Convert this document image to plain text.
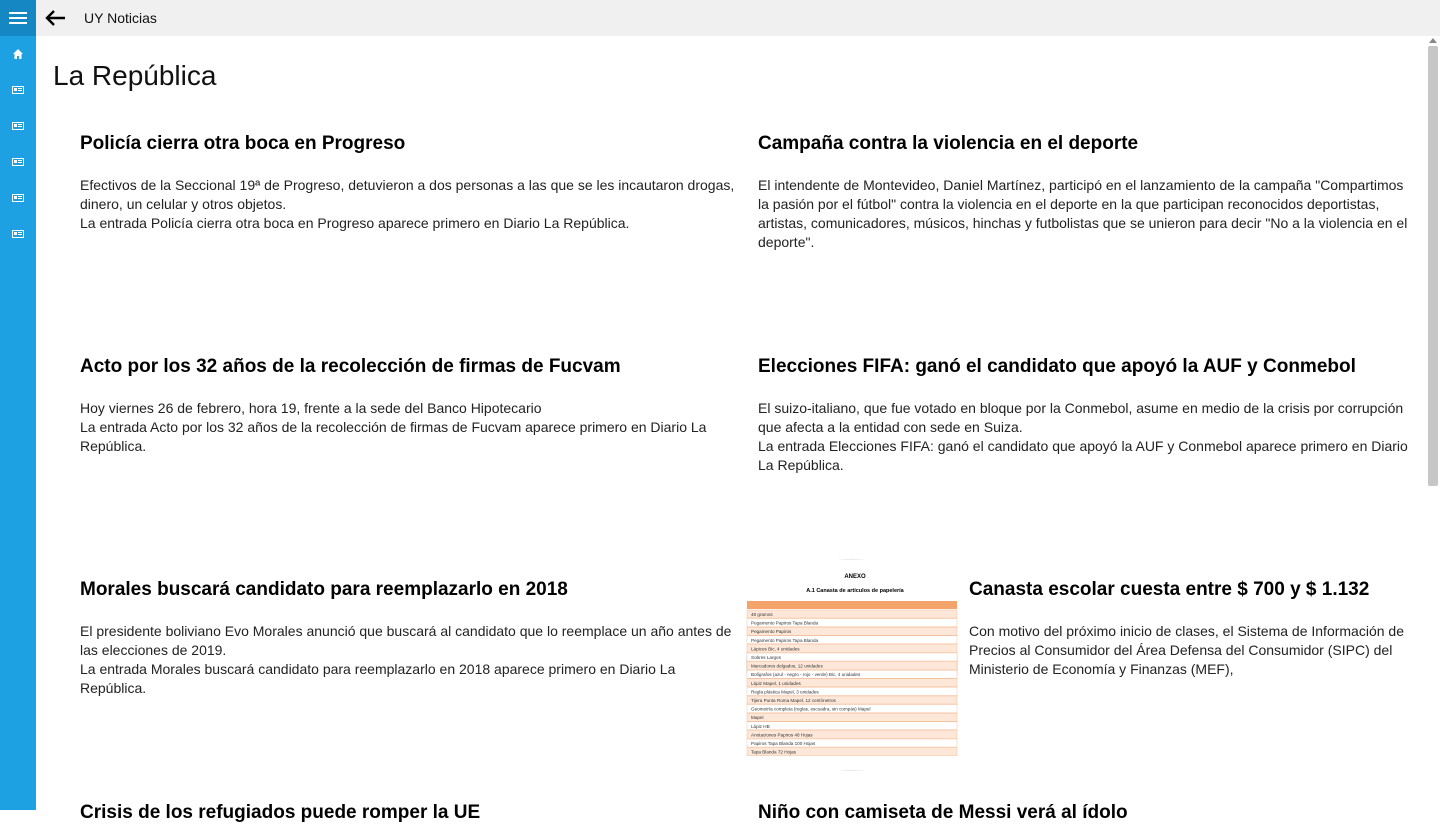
UY Noticias
La República
Policía cierra otra boca en Progreso

Efectivos de la Seccional 19ª de Progreso, detuvieron a dos personas a las que se les incautaron drogas, dinero, un celular y otros objetos.

La entrada Policía cierra otra boca en Progreso aparece primero en Diario La República.

Campaña contra la violencia en el deporte

El intendente de Montevideo, Daniel Martínez, participó en el lanzamiento de la campaña "Compartimos la pasión por el fútbol" contra la violencia en el deporte en la que participan reconocidos deportistas, artistas, comunicadores, músicos, hinchas y futbolistas que se unieron para decir "No a la violencia en el deporte".

Acto por los 32 años de la recolección de firmas de Fucvam

Hoy viernes 26 de febrero, hora 19, frente a la sede del Banco Hipotecario

La entrada Acto por los 32 años de la recolección de firmas de Fucvam aparece primero en Diario La República.

Elecciones FIFA: ganó el candidato que apoyó la AUF y Conmebol

El suizo-italiano, que fue votado en bloque por la Conmebol, asume en medio de la crisis por corrupción que afecta a la entidad con sede en Suiza.

La entrada Elecciones FIFA: ganó el candidato que apoyó la AUF y Conmebol aparece primero en Diario La República.

Morales buscará candidato para reemplazarlo en 2018

El presidente boliviano Evo Morales anunció que buscará al candidato que lo reemplace un año antes de las elecciones de 2019.

La entrada Morales buscará candidato para reemplazarlo en 2018 aparece primero en Diario La República.

ANEXO
A.1 Canasta de artículos de papelería
48 gramos
Pegamento Papiros Tapa Blanda
Pegamento Papiros
Pegamento Papiros Tapa Blanda
Lápices Bic, 4 unidades
Sobres Largos
Marcadores delgados, 12 unidades
Bolígrafos (azul - negro - rojo - verde) Bic, 4 unidades
Lápiz Mapel, 1 unidades
Regla plástica Mapel, 3 unidades
Tijera Punta Roma Mapel, 12 centímetros
Geometría completa (reglas, escuadra, sin compás) Mapel
Mapel
Lápiz HB
Anotaciones Papiros 48 Hojas
Papiros Tapa Blanda 100 Hojas
Tapa Blanda 72 Hojas
Canasta escolar cuesta entre $ 700 y $ 1.132

Con motivo del próximo inicio de clases, el Sistema de Información de Precios al Consumidor del Área Defensa del Consumidor (SIPC) del Ministerio de Economía y Finanzas (MEF),

Crisis de los refugiados puede romper la UE	Niño con camiseta de Messi verá al ídolo
